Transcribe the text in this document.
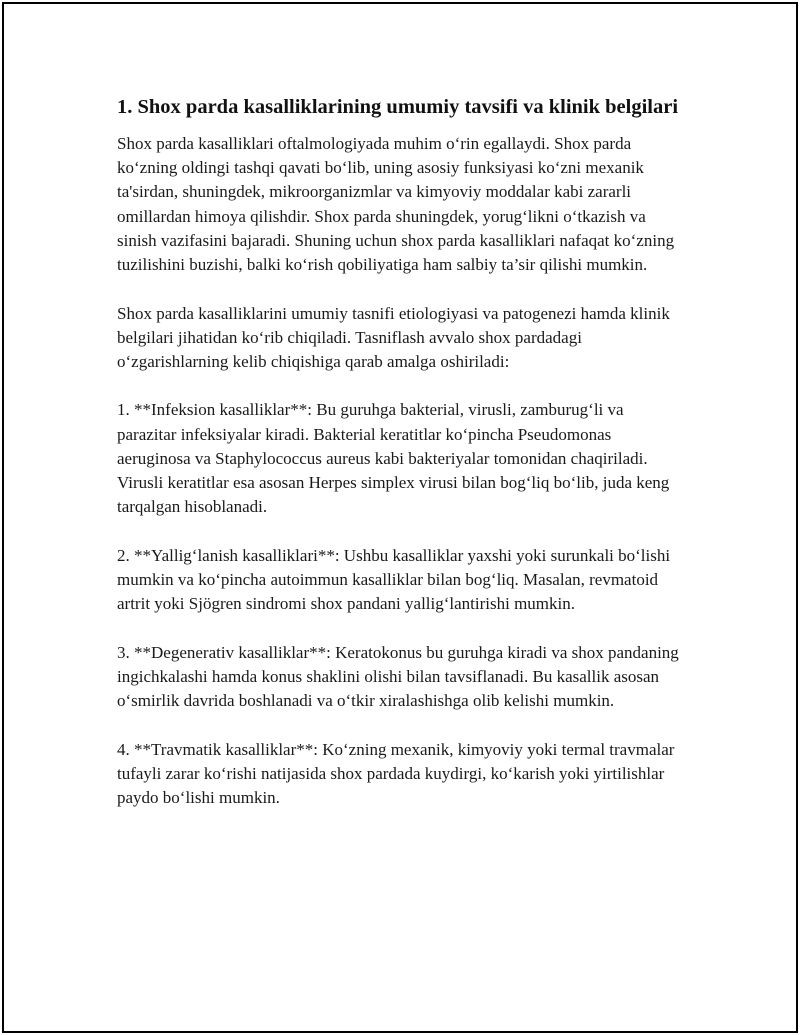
1. Shox parda kasalliklarining umumiy tavsifi va klinik belgilari

Shox parda kasalliklari oftalmologiyada muhim o‘rin egallaydi. Shox parda ko‘zning oldingi tashqi qavati bo‘lib, uning asosiy funksiyasi ko‘zni mexanik ta'sirdan, shuningdek, mikroorganizmlar va kimyoviy moddalar kabi zararli omillardan himoya qilishdir. Shox parda shuningdek, yorug‘likni o‘tkazish va sinish vazifasini bajaradi. Shuning uchun shox parda kasalliklari nafaqat ko‘zning tuzilishini buzishi, balki ko‘rish qobiliyatiga ham salbiy ta’sir qilishi mumkin.

Shox parda kasalliklarini umumiy tasnifi etiologiyasi va patogenezi hamda klinik belgilari jihatidan ko‘rib chiqiladi. Tasniflash avvalo shox pardadagi o‘zgarishlarning kelib chiqishiga qarab amalga oshiriladi:

1. **Infeksion kasalliklar**: Bu guruhga bakterial, virusli, zamburug‘li va parazitar infeksiyalar kiradi. Bakterial keratitlar ko‘pincha Pseudomonas aeruginosa va Staphylococcus aureus kabi bakteriyalar tomonidan chaqiriladi. Virusli keratitlar esa asosan Herpes simplex virusi bilan bog‘liq bo‘lib, juda keng tarqalgan hisoblanadi.

2. **Yallig‘lanish kasalliklari**: Ushbu kasalliklar yaxshi yoki surunkali bo‘lishi mumkin va ko‘pincha autoimmun kasalliklar bilan bog‘liq. Masalan, revmatoid artrit yoki Sjögren sindromi shox pandani yallig‘lantirishi mumkin.

3. **Degenerativ kasalliklar**: Keratokonus bu guruhga kiradi va shox pandaning ingichkalashi hamda konus shaklini olishi bilan tavsiflanadi. Bu kasallik asosan o‘smirlik davrida boshlanadi va o‘tkir xiralashishga olib kelishi mumkin.

4. **Travmatik kasalliklar**: Ko‘zning mexanik, kimyoviy yoki termal travmalar tufayli zarar ko‘rishi natijasida shox pardada kuydirgi, ko‘karish yoki yirtilishlar paydo bo‘lishi mumkin.
